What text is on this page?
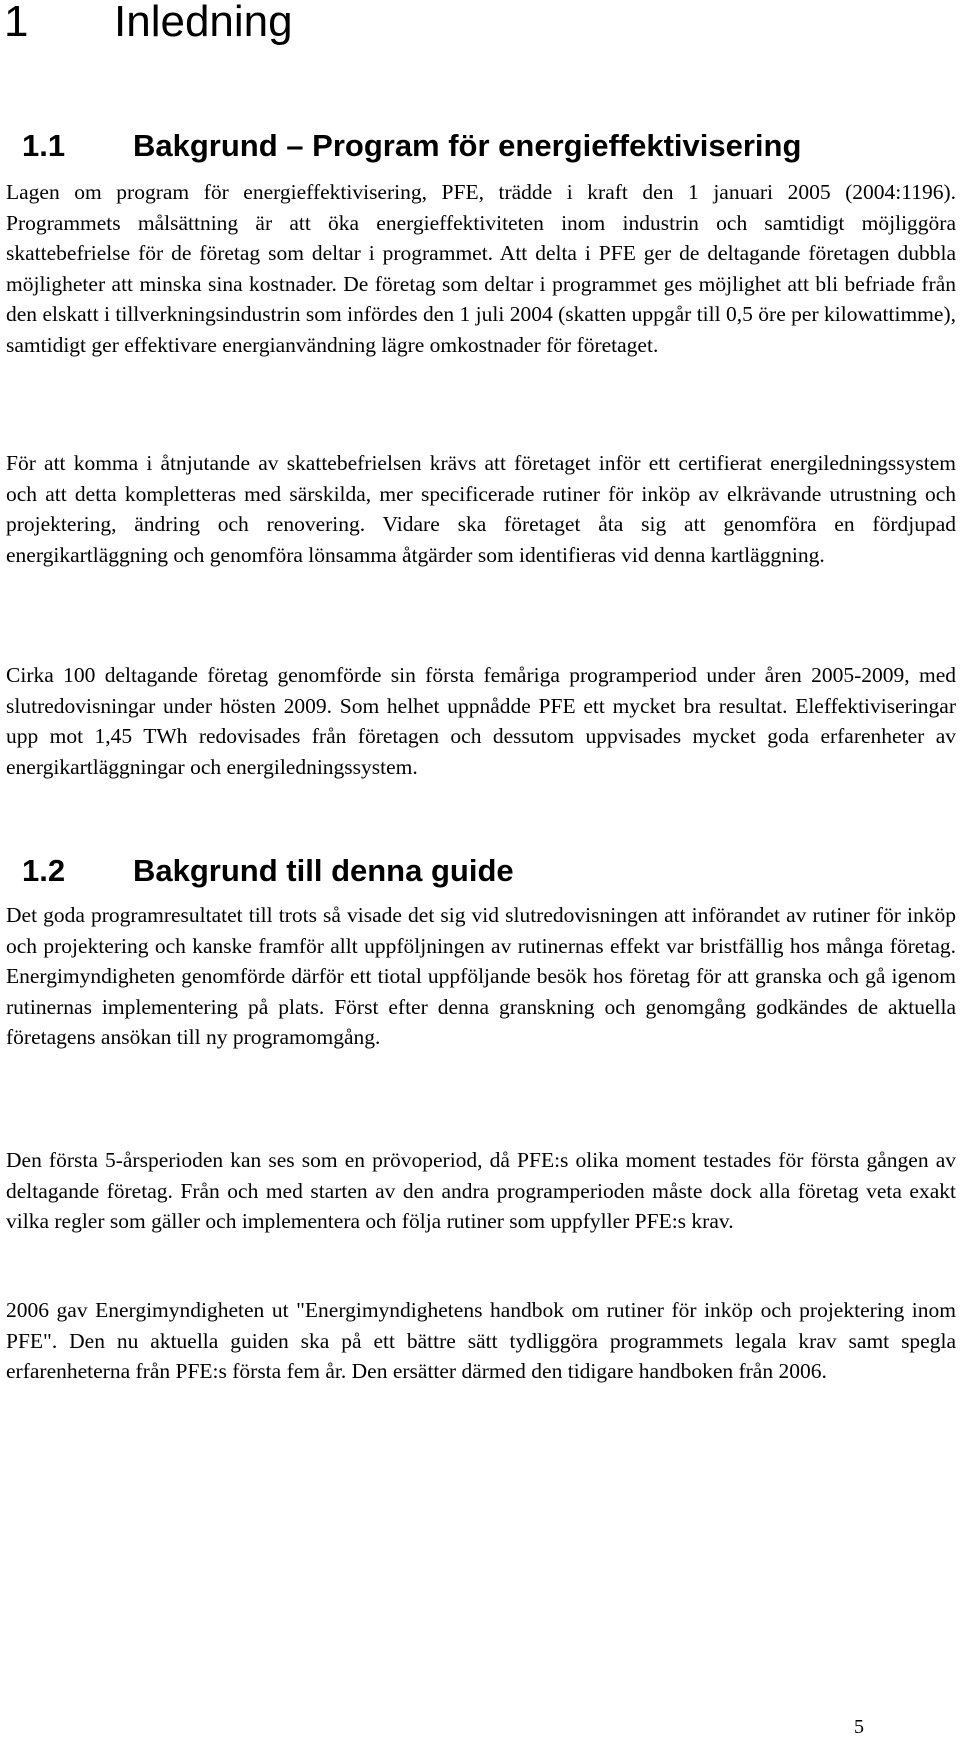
1 Inledning
1.1 Bakgrund – Program för energieffektivisering

Lagen om program för energieffektivisering, PFE, trädde i kraft den 1 januari 2005 (2004:1196). Programmets målsättning är att öka energieffektiviteten inom industrin och samtidigt möjliggöra skattebefrielse för de företag som deltar i programmet. Att delta i PFE ger de deltagande företagen dubbla möjligheter att minska sina kostnader. De företag som deltar i programmet ges möjlighet att bli befriade från den elskatt i tillverkningsindustrin som infördes den 1 juli 2004 (skatten uppgår till 0,5 öre per kilowattimme), samtidigt ger effektivare energianvändning lägre omkostnader för företaget.

För att komma i åtnjutande av skattebefrielsen krävs att företaget inför ett certifierat energiledningssystem och att detta kompletteras med särskilda, mer specificerade rutiner för inköp av elkrävande utrustning och projektering, ändring och renovering. Vidare ska företaget åta sig att genomföra en fördjupad energikartläggning och genomföra lönsamma åtgärder som identifieras vid denna kartläggning.

Cirka 100 deltagande företag genomförde sin första femåriga programperiod under åren 2005-2009, med slutredovisningar under hösten 2009. Som helhet uppnådde PFE ett mycket bra resultat. Eleffektiviseringar upp mot 1,45 TWh redovisades från företagen och dessutom uppvisades mycket goda erfarenheter av energikartläggningar och energiledningssystem.

1.2 Bakgrund till denna guide

Det goda programresultatet till trots så visade det sig vid slutredovisningen att införandet av rutiner för inköp och projektering och kanske framför allt uppföljningen av rutinernas effekt var bristfällig hos många företag. Energimyndigheten genomförde därför ett tiotal uppföljande besök hos företag för att granska och gå igenom rutinernas implementering på plats. Först efter denna granskning och genomgång godkändes de aktuella företagens ansökan till ny programomgång.

Den första 5-årsperioden kan ses som en prövoperiod, då PFE:s olika moment testades för första gången av deltagande företag. Från och med starten av den andra programperioden måste dock alla företag veta exakt vilka regler som gäller och implementera och följa rutiner som uppfyller PFE:s krav.

2006 gav Energimyndigheten ut "Energimyndighetens handbok om rutiner för inköp och projektering inom PFE". Den nu aktuella guiden ska på ett bättre sätt tydliggöra programmets legala krav samt spegla erfarenheterna från PFE:s första fem år. Den ersätter därmed den tidigare handboken från 2006.

5
